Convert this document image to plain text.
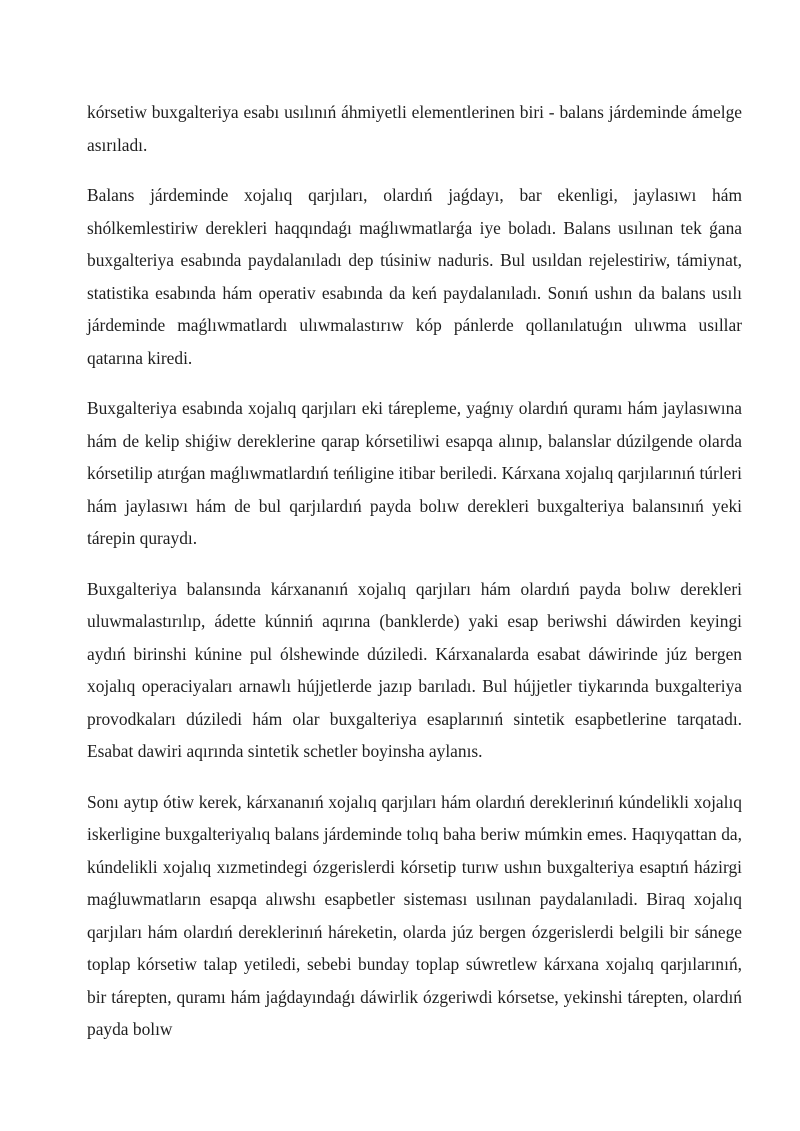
kórsetiw buxgalteriya esabı usılınıń áhmiyetli elementlerinen biri - balans járdeminde ámelge asırıladı.

Balans járdeminde xojalıq qarjıları, olardıń jaǵdayı, bar ekenligi, jaylasıwı hám shólkemlestiriw derekleri haqqındaǵı maǵlıwmatlarǵa iye boladı. Balans usılınan tek ǵana buxgalteriya esabında paydalanıladı dep túsiniw naduris. Bul usıldan rejelestiriw, támiynat, statistika esabında hám operativ esabında da keń paydalanıladı. Sonıń ushın da balans usılı járdeminde maǵlıwmatlardı ulıwmalastırıw kóp pánlerde qollanılatuǵın ulıwma usıllar qatarına kiredi.

Buxgalteriya esabında xojalıq qarjıları eki tárepleme, yaǵnıy olardıń quramı hám jaylasıwına hám de kelip shiǵiw dereklerine qarap kórsetiliwi esapqa alınıp, balanslar dúzilgende olarda kórsetilip atırǵan maǵlıwmatlardıń teńligine itibar beriledi. Kárxana xojalıq qarjılarınıń túrleri hám jaylasıwı hám de bul qarjılardıń payda bolıw derekleri buxgalteriya balansınıń yeki tárepin quraydı.

Buxgalteriya balansında kárxananıń xojalıq qarjıları hám olardıń payda bolıw derekleri uluwmalastırılıp, ádette kúnniń aqırına (banklerde) yaki esap beriwshi dáwirden keyingi aydıń birinshi kúnine pul ólshewinde dúziledi. Kárxanalarda esabat dáwirinde júz bergen xojalıq operaciyaları arnawlı hújjetlerde jazıp barıladı. Bul hújjetler tiykarında buxgalteriya provodkaları dúziledi hám olar buxgalteriya esaplarınıń sintetik esapbetlerine tarqatadı. Esabat dawiri aqırında sintetik schetler boyinsha aylanıs.

Sonı aytıp ótiw kerek, kárxananıń xojalıq qarjıları hám olardıń dereklerinıń kúndelikli xojalıq iskerligine buxgalteriyalıq balans járdeminde tolıq baha beriw múmkin emes. Haqıyqattan da, kúndelikli xojalıq xızmetindegi ózgerislerdi kórsetip turıw ushın buxgalteriya esaptıń házirgi maǵluwmatların esapqa alıwshı esapbetler sisteması usılınan paydalanıladi. Biraq xojalıq qarjıları hám olardıń dereklerinıń háreketin, olarda júz bergen ózgerislerdi belgili bir sánege toplap kórsetiw talap yetiledi, sebebi bunday toplap súwretlew kárxana xojalıq qarjılarınıń, bir tárepten, quramı hám jaǵdayındaǵı dáwirlik ózgeriwdi kórsetse, yekinshi tárepten, olardıń payda bolıw
